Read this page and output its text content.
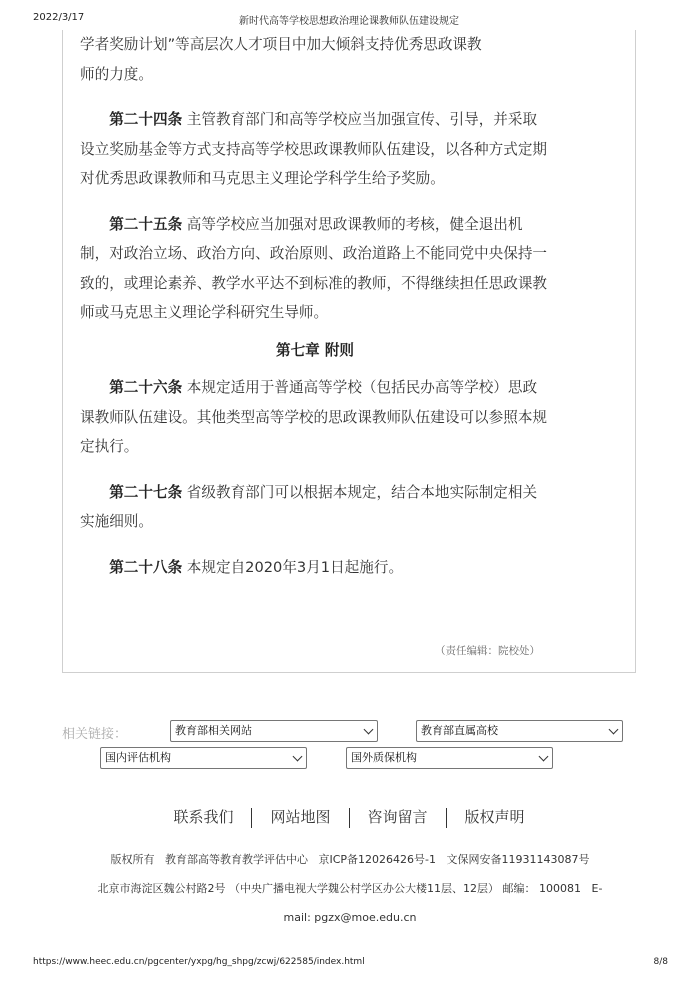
2022/3/17	新时代高等学校思想政治理论课教师队伍建设规定

学者奖励计划”等高层次人才项目中加大倾斜支持优秀思政课教
师的力度。

第二十四条 主管教育部门和高等学校应当加强宣传、引导，并采取设立奖励基金等方式支持高等学校思政课教师队伍建设，以各种方式定期对优秀思政课教师和马克思主义理论学科学生给予奖励。

第二十五条 高等学校应当加强对思政课教师的考核，健全退出机制，对政治立场、政治方向、政治原则、政治道路上不能同党中央保持一致的，或理论素养、教学水平达不到标准的教师，不得继续担任思政课教师或马克思主义理论学科研究生导师。

第七章 附则

第二十六条 本规定适用于普通高等学校（包括民办高等学校）思政课教师队伍建设。其他类型高等学校的思政课教师队伍建设可以参照本规定执行。

第二十七条 省级教育部门可以根据本规定，结合本地实际制定相关实施细则。

第二十八条 本规定自2020年3月1日起施行。

（责任编辑：院校处）
相关链接：	教育部相关网站	教育部直属高校
国内评估机构	国外质保机构
联系我们 网站地图 咨询留言 版权声明
版权所有   教育部高等教育教学评估中心   京ICP备12026426号-1   文保网安备11931143087号
北京市海淀区魏公村路2号 （中央广播电视大学魏公村学区办公大楼11层、12层） 邮编： 100081   E-
mail: pgzx@moe.edu.cn
https://www.heec.edu.cn/pgcenter/yxpg/hg_shpg/zcwj/622585/index.html	8/8
